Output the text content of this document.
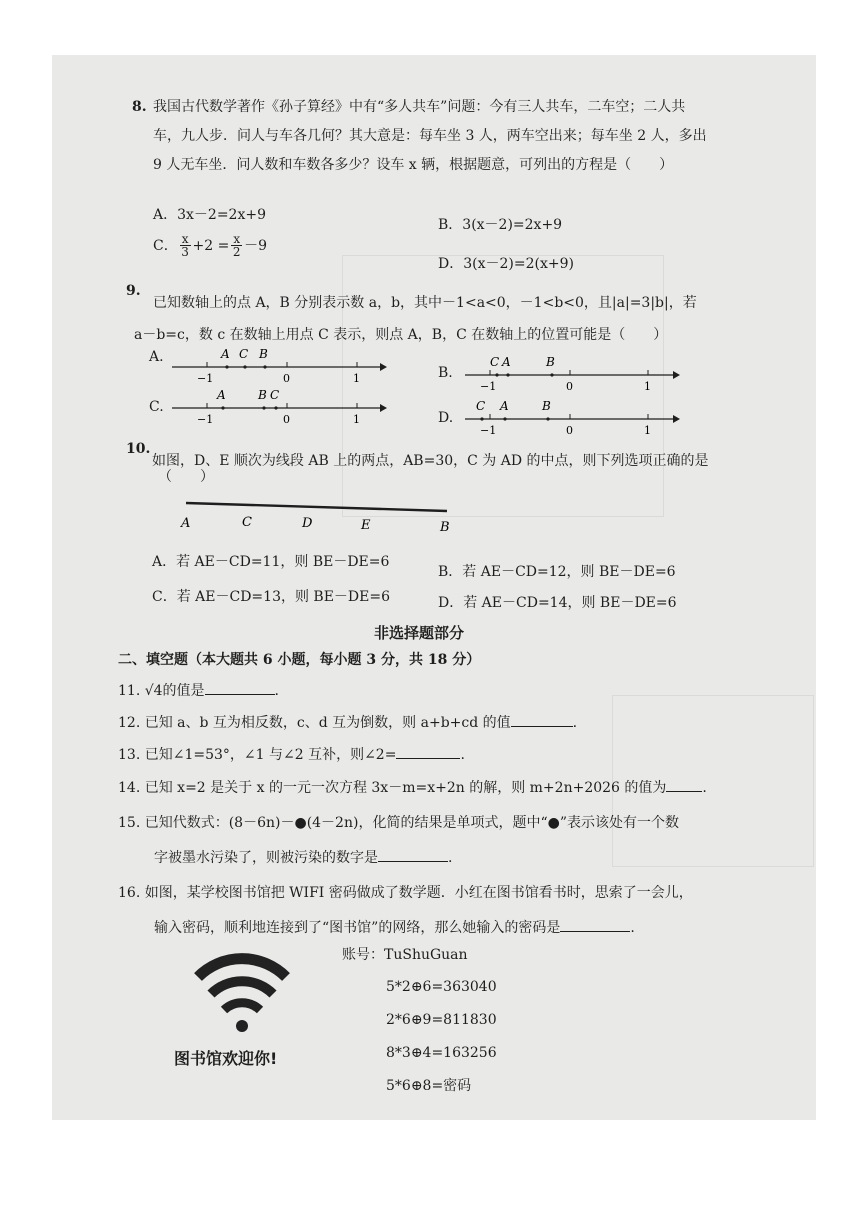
8. 我国古代数学著作《孙子算经》中有“多人共车”问题：今有三人共车，二车空；二人共
车，九人步．问人与车各几何？其大意是：每车坐 3 人，两车空出来；每车坐 2 人，多出
9 人无车坐．问人数和车数各多少？设车 x 辆，根据题意，可列出的方程是（　　）
A．3x－2=2x+9
B．3(x－2)=2x+9
C． $\frac{x}{3} +2 = \frac{x}{2} -9$
D．3(x－2)=2(x+9)
9.
已知数轴上的点 A，B 分别表示数 a，b，其中－1<a<0，－1<b<0，且|a|=3|b|，若
a－b=c，数 c 在数轴上用点 C 表示，则点 A，B，C 在数轴上的位置可能是（　　）
A.
−1	0	1
A C B
B.
−1	0	1
C A	B
C.
−1	0	1
A	B C
D.
−1	0	1
C A	B
10.
如图，D、E 顺次为线段 AB 上的两点，AB=30，C 为 AD 的中点，则下列选项正确的是
（　　）
A	C	D	E	B
A．若 AE－CD=11，则 BE－DE=6
B．若 AE－CD=12，则 BE－DE=6
C．若 AE－CD=13，则 BE－DE=6	D．若 AE－CD=14，则 BE－DE=6
非选择题部分
二、填空题（本大题共 6 小题，每小题 3 分，共 18 分）
11. √4的值是	.
12. 已知 a、b 互为相反数，c、d 互为倒数，则 a+b+cd 的值	.
13. 已知∠1=53°，∠1 与∠2 互补，则∠2=	.
14. 已知 x=2 是关于 x 的一元一次方程 3x－m=x+2n 的解，则 m+2n+2026 的值为	.
15. 已知代数式：(8－6n)－●(4－2n)，化简的结果是单项式，题中“●”表示该处有一个数
字被墨水污染了，则被污染的数字是	.
16. 如图，某学校图书馆把 WIFI 密码做成了数学题．小红在图书馆看书时，思索了一会儿，
输入密码，顺利地连接到了“图书馆”的网络，那么她输入的密码是	.
图书馆欢迎你!
账号：TuShuGuan
5*2⊕6=363040
2*6⊕9=811830
8*3⊕4=163256
5*6⊕8=密码
